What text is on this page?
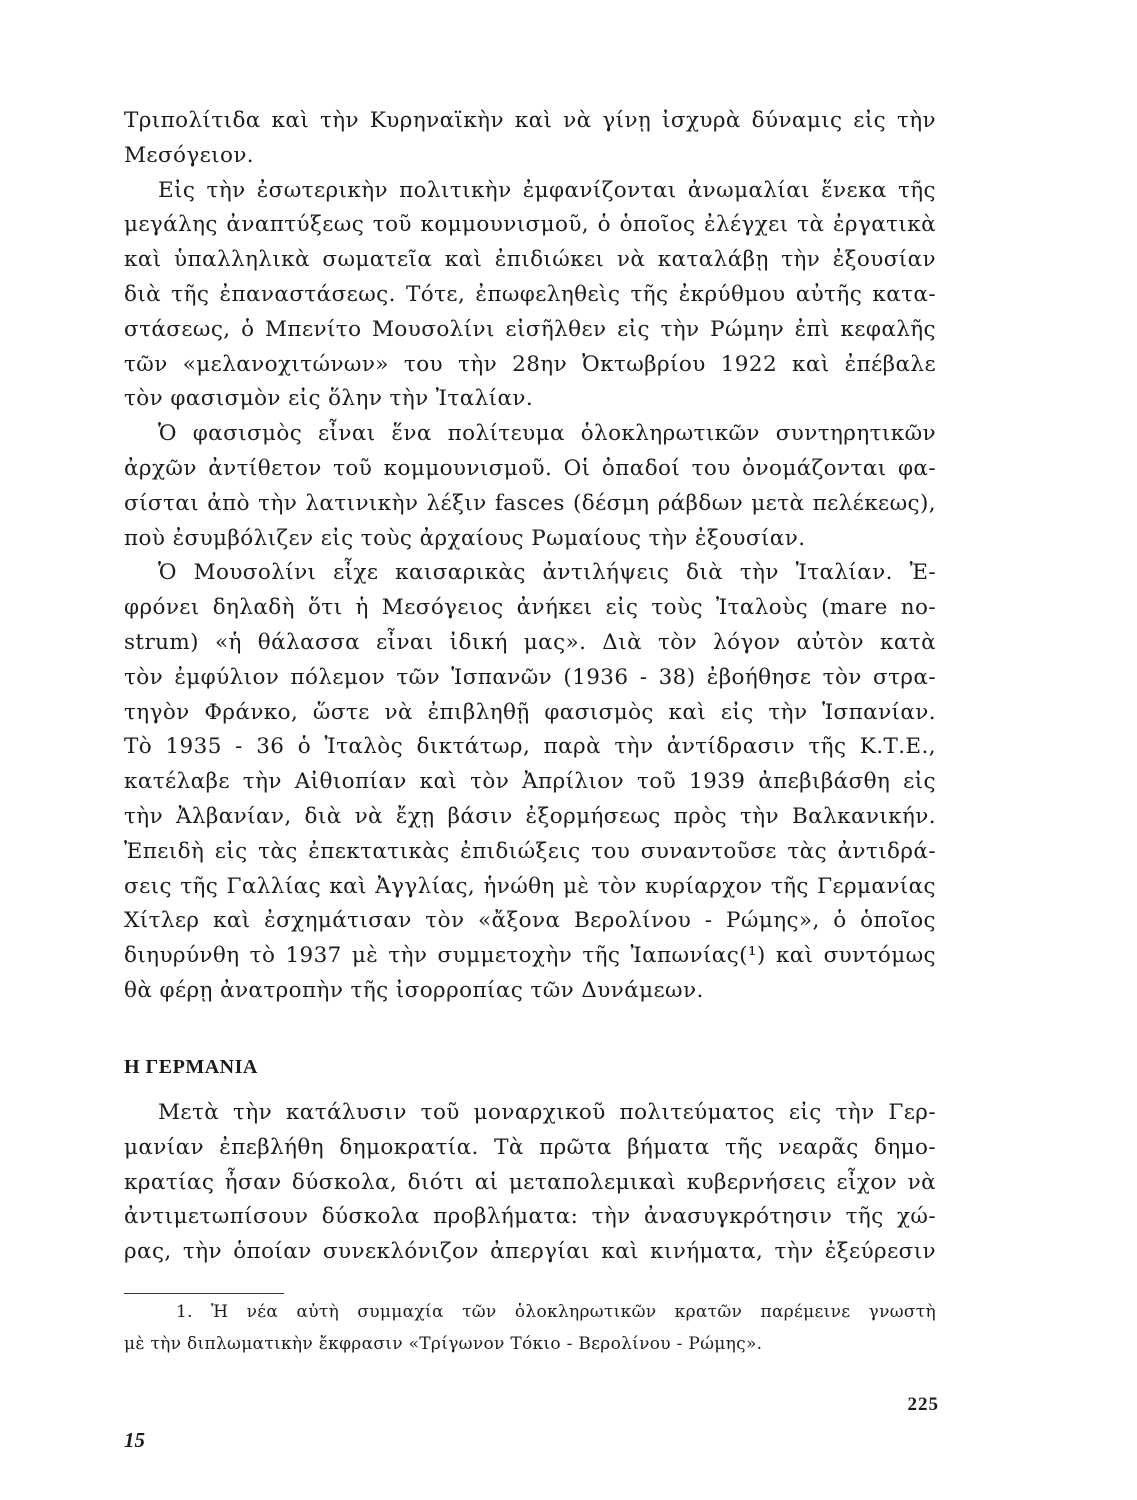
Τριπολίτιδα καὶ τὴν Κυρηναϊκὴν καὶ νὰ γίνῃ ἰσχυρὰ δύναμις εἰς τὴν
Μεσόγειον.
Εἰς τὴν ἐσωτερικὴν πολιτικὴν ἐμφανίζονται ἀνωμαλίαι ἕνεκα τῆς
μεγάλης ἀναπτύξεως τοῦ κομμουνισμοῦ, ὁ ὁποῖος ἐλέγχει τὰ ἐργατικὰ
καὶ ὑπαλληλικὰ σωματεῖα καὶ ἐπιδιώκει νὰ καταλάβῃ τὴν ἐξουσίαν
διὰ τῆς ἐπαναστάσεως. Τότε, ἐπωφεληθεὶς τῆς ἐκρύθμου αὐτῆς κατα-
στάσεως, ὁ Μπενίτο Μουσολίνι εἰσῆλθεν εἰς τὴν Ρώμην ἐπὶ κεφαλῆς
τῶν «μελανοχιτώνων» του τὴν 28ην Ὀκτωβρίου 1922 καὶ ἐπέβαλε
τὸν φασισμὸν εἰς ὅλην τὴν Ἰταλίαν.
Ὁ φασισμὸς εἶναι ἕνα πολίτευμα ὁλοκληρωτικῶν συντηρητικῶν
ἀρχῶν ἀντίθετον τοῦ κομμουνισμοῦ. Οἱ ὀπαδοί του ὀνομάζονται φα-
σίσται ἀπὸ τὴν λατινικὴν λέξιν fasces (δέσμη ράβδων μετὰ πελέκεως),
ποὺ ἐσυμβόλιζεν εἰς τοὺς ἀρχαίους Ρωμαίους τὴν ἐξουσίαν.
Ὁ Μουσολίνι εἶχε καισαρικὰς ἀντιλήψεις διὰ τὴν Ἰταλίαν. Ἐ-
φρόνει δηλαδὴ ὅτι ἡ Μεσόγειος ἀνήκει εἰς τοὺς Ἰταλοὺς (mare no-
strum) «ἡ θάλασσα εἶναι ἰδική μας». Διὰ τὸν λόγον αὐτὸν κατὰ
τὸν ἐμφύλιον πόλεμον τῶν Ἱσπανῶν (1936 - 38) ἐβοήθησε τὸν στρα-
τηγὸν Φράνκο, ὥστε νὰ ἐπιβληθῇ φασισμὸς καὶ εἰς τὴν Ἱσπανίαν.
Τὸ 1935 - 36 ὁ Ἰταλὸς δικτάτωρ, παρὰ τὴν ἀντίδρασιν τῆς Κ.Τ.Ε.,
κατέλαβε τὴν Αἰθιοπίαν καὶ τὸν Ἀπρίλιον τοῦ 1939 ἀπεβιβάσθη εἰς
τὴν Ἀλβανίαν, διὰ νὰ ἔχῃ βάσιν ἐξορμήσεως πρὸς τὴν Βαλκανικήν.
Ἐπειδὴ εἰς τὰς ἐπεκτατικὰς ἐπιδιώξεις του συναντοῦσε τὰς ἀντιδρά-
σεις τῆς Γαλλίας καὶ Ἀγγλίας, ἡνώθη μὲ τὸν κυρίαρχον τῆς Γερμανίας
Χίτλερ καὶ ἐσχημάτισαν τὸν «ἄξονα Βερολίνου - Ρώμης», ὁ ὁποῖος
διηυρύνθη τὸ 1937 μὲ τὴν συμμετοχὴν τῆς Ἰαπωνίας(¹) καὶ συντόμως
θὰ φέρῃ ἀνατροπὴν τῆς ἰσορροπίας τῶν Δυνάμεων.
Η ΓΕΡΜΑΝΙΑ
Μετὰ τὴν κατάλυσιν τοῦ μοναρχικοῦ πολιτεύματος εἰς τὴν Γερ-
μανίαν ἐπεβλήθη δημοκρατία. Τὰ πρῶτα βήματα τῆς νεαρᾶς δημο-
κρατίας ἦσαν δύσκολα, διότι αἱ μεταπολεμικαὶ κυβερνήσεις εἶχον νὰ
ἀντιμετωπίσουν δύσκολα προβλήματα: τὴν ἀνασυγκρότησιν τῆς χώ-
ρας, τὴν ὁποίαν συνεκλόνιζον ἀπεργίαι καὶ κινήματα, τὴν ἐξεύρεσιν
1. Ἡ νέα αὐτὴ συμμαχία τῶν ὁλοκληρωτικῶν κρατῶν παρέμεινε γνωστὴ
μὲ τὴν διπλωματικὴν ἔκφρασιν «Τρίγωνον Τόκιο - Βερολίνου - Ρώμης».
225
15
